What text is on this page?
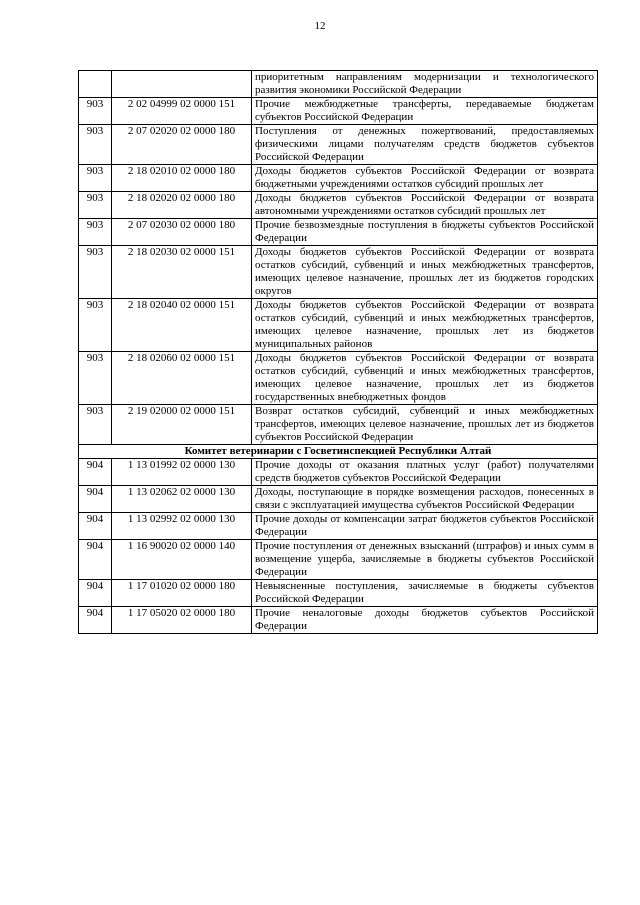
12
		приоритетным направлениям модернизации и технологического развития экономики Российской Федерации
903	2 02 04999 02 0000 151	Прочие межбюджетные трансферты, передаваемые бюджетам субъектов Российской Федерации
903	2 07 02020 02 0000 180	Поступления от денежных пожертвований, предоставляемых физическими лицами получателям средств бюджетов субъектов Российской Федерации
903	2 18 02010 02 0000 180	Доходы бюджетов субъектов Российской Федерации от возврата бюджетными учреждениями остатков субсидий прошлых лет
903	2 18 02020 02 0000 180	Доходы бюджетов субъектов Российской Федерации от возврата автономными учреждениями остатков субсидий прошлых лет
903	2 07 02030 02 0000 180	Прочие безвозмездные поступления в бюджеты субъектов Российской Федерации
903	2 18 02030 02 0000 151	Доходы бюджетов субъектов Российской Федерации от возврата остатков субсидий, субвенций и иных межбюджетных трансфертов, имеющих целевое назначение, прошлых лет из бюджетов городских округов
903	2 18 02040 02 0000 151	Доходы бюджетов субъектов Российской Федерации от возврата остатков субсидий, субвенций и иных межбюджетных трансфертов, имеющих целевое назначение, прошлых лет из бюджетов муниципальных районов
903	2 18 02060 02 0000 151	Доходы бюджетов субъектов Российской Федерации от возврата остатков субсидий, субвенций и иных межбюджетных трансфертов, имеющих целевое назначение, прошлых лет из бюджетов государственных внебюджетных фондов
903	2 19 02000 02 0000 151	Возврат остатков субсидий, субвенций и иных межбюджетных трансфертов, имеющих целевое назначение, прошлых лет из бюджетов субъектов Российской Федерации
Комитет ветеринарии с Госветинспекцией Республики Алтай		
904	1 13 01992 02 0000 130	Прочие доходы от оказания платных услуг (работ) получателями средств бюджетов субъектов Российской Федерации
904	1 13 02062 02 0000 130	Доходы, поступающие в порядке возмещения расходов, понесенных в связи с эксплуатацией имущества субъектов Российской Федерации
904	1 13 02992 02 0000 130	Прочие доходы от компенсации затрат бюджетов субъектов Российской Федерации
904	1 16 90020 02 0000 140	Прочие поступления от денежных взысканий (штрафов) и иных сумм в возмещение ущерба, зачисляемые в бюджеты субъектов Российской Федерации
904	1 17 01020 02 0000 180	Невыясненные поступления, зачисляемые в бюджеты субъектов Российской Федерации
904	1 17 05020 02 0000 180	Прочие неналоговые доходы бюджетов субъектов Российской Федерации
